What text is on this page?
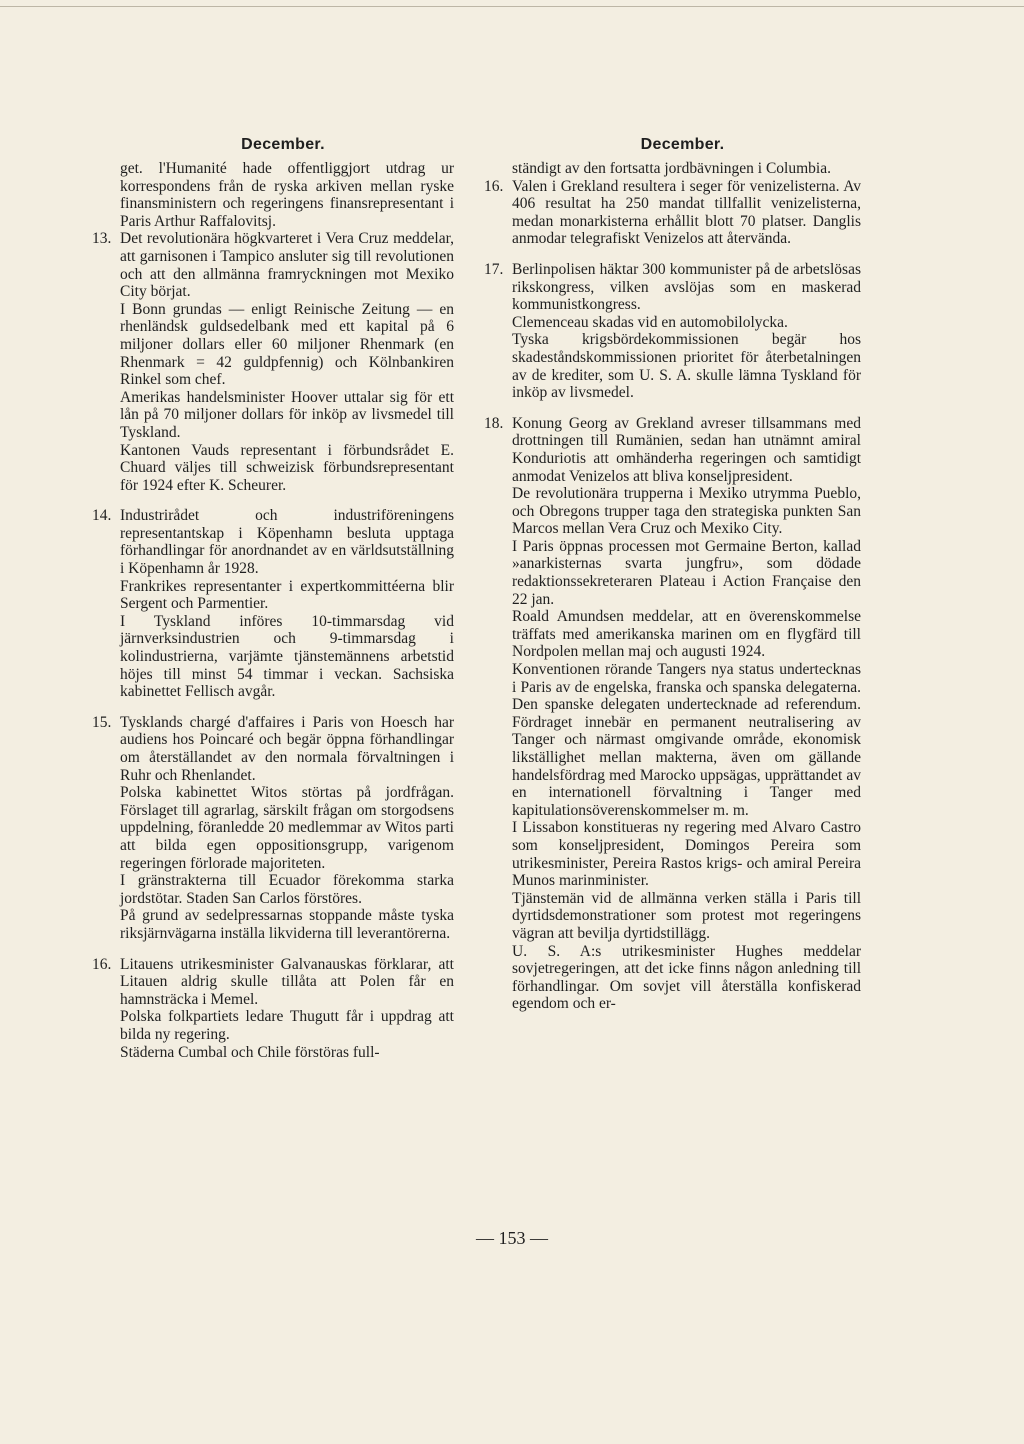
December.

get. l'Humanité hade offentliggjort utdrag ur korrespondens från de ryska arkiven mellan ryske finansministern och regeringens finansrepresentant i Paris Arthur Raffalovitsj.

13. Det revolutionära högkvarteret i Vera Cruz meddelar, att garnisonen i Tampico ansluter sig till revolutionen och att den allmänna framryckningen mot Mexiko City börjat.

I Bonn grundas — enligt Reinische Zeitung — en rhenländsk guldsedelbank med ett kapital på 6 miljoner dollars eller 60 miljoner Rhenmark (en Rhenmark = 42 guldpfennig) och Kölnbankiren Rinkel som chef.

Amerikas handelsminister Hoover uttalar sig för ett lån på 70 miljoner dollars för inköp av livsmedel till Tyskland.

Kantonen Vauds representant i förbundsrådet E. Chuard väljes till schweizisk förbundsrepresentant för 1924 efter K. Scheurer.

14. Industrirådet och industriföreningens representantskap i Köpenhamn besluta upptaga förhandlingar för anordnandet av en världsutställning i Köpenhamn år 1928.

Frankrikes representanter i expertkommittéerna blir Sergent och Parmentier.

I Tyskland införes 10-timmarsdag vid järnverksindustrien och 9-timmarsdag i kolindustrierna, varjämte tjänstemännens arbetstid höjes till minst 54 timmar i veckan. Sachsiska kabinettet Fellisch avgår.

15. Tysklands chargé d'affaires i Paris von Hoesch har audiens hos Poincaré och begär öppna förhandlingar om återställandet av den normala förvaltningen i Ruhr och Rhenlandet.

Polska kabinettet Witos störtas på jordfrågan. Förslaget till agrarlag, särskilt frågan om storgodsens uppdelning, föranledde 20 medlemmar av Witos parti att bilda egen oppositionsgrupp, varigenom regeringen förlorade majoriteten.

I gränstrakterna till Ecuador förekomma starka jordstötar. Staden San Carlos förstöres.

På grund av sedelpressarnas stoppande måste tyska riksjärnvägarna inställa likviderna till leverantörerna.

16. Litauens utrikesminister Galvanauskas förklarar, att Litauen aldrig skulle tillåta att Polen får en hamnsträcka i Memel.

Polska folkpartiets ledare Thugutt får i uppdrag att bilda ny regering.

Städerna Cumbal och Chile förstöras full-

December.

ständigt av den fortsatta jordbävningen i Columbia.

16. Valen i Grekland resultera i seger för venizelisterna. Av 406 resultat ha 250 mandat tillfallit venizelisterna, medan monarkisterna erhållit blott 70 platser. Danglis anmodar telegrafiskt Venizelos att återvända.

17. Berlinpolisen häktar 300 kommunister på de arbetslösas rikskongress, vilken avslöjas som en maskerad kommunistkongress.

Clemenceau skadas vid en automobilolycka.

Tyska krigsbördekommissionen begär hos skadeståndskommissionen prioritet för återbetalningen av de krediter, som U. S. A. skulle lämna Tyskland för inköp av livsmedel.

18. Konung Georg av Grekland avreser tillsammans med drottningen till Rumänien, sedan han utnämnt amiral Konduriotis att omhänderha regeringen och samtidigt anmodat Venizelos att bliva konseljpresident.

De revolutionära trupperna i Mexiko utrymma Pueblo, och Obregons trupper taga den strategiska punkten San Marcos mellan Vera Cruz och Mexiko City.

I Paris öppnas processen mot Germaine Berton, kallad »anarkisternas svarta jungfru», som dödade redaktionssekreteraren Plateau i Action Française den 22 jan.

Roald Amundsen meddelar, att en överenskommelse träffats med amerikanska marinen om en flygfärd till Nordpolen mellan maj och augusti 1924.

Konventionen rörande Tangers nya status undertecknas i Paris av de engelska, franska och spanska delegaterna. Den spanske delegaten undertecknade ad referendum. Fördraget innebär en permanent neutralisering av Tanger och närmast omgivande område, ekonomisk likställighet mellan makterna, även om gällande handelsfördrag med Marocko uppsägas, upprättandet av en internationell förvaltning i Tanger med kapitulationsöverenskommelser m. m.

I Lissabon konstitueras ny regering med Alvaro Castro som konseljpresident, Domingos Pereira som utrikesminister, Pereira Rastos krigs- och amiral Pereira Munos marinminister.

Tjänstemän vid de allmänna verken ställa i Paris till dyrtidsdemonstrationer som protest mot regeringens vägran att bevilja dyrtidstillägg.

U. S. A:s utrikesminister Hughes meddelar sovjetregeringen, att det icke finns någon anledning till förhandlingar. Om sovjet vill återställa konfiskerad egendom och er-

— 153 —
